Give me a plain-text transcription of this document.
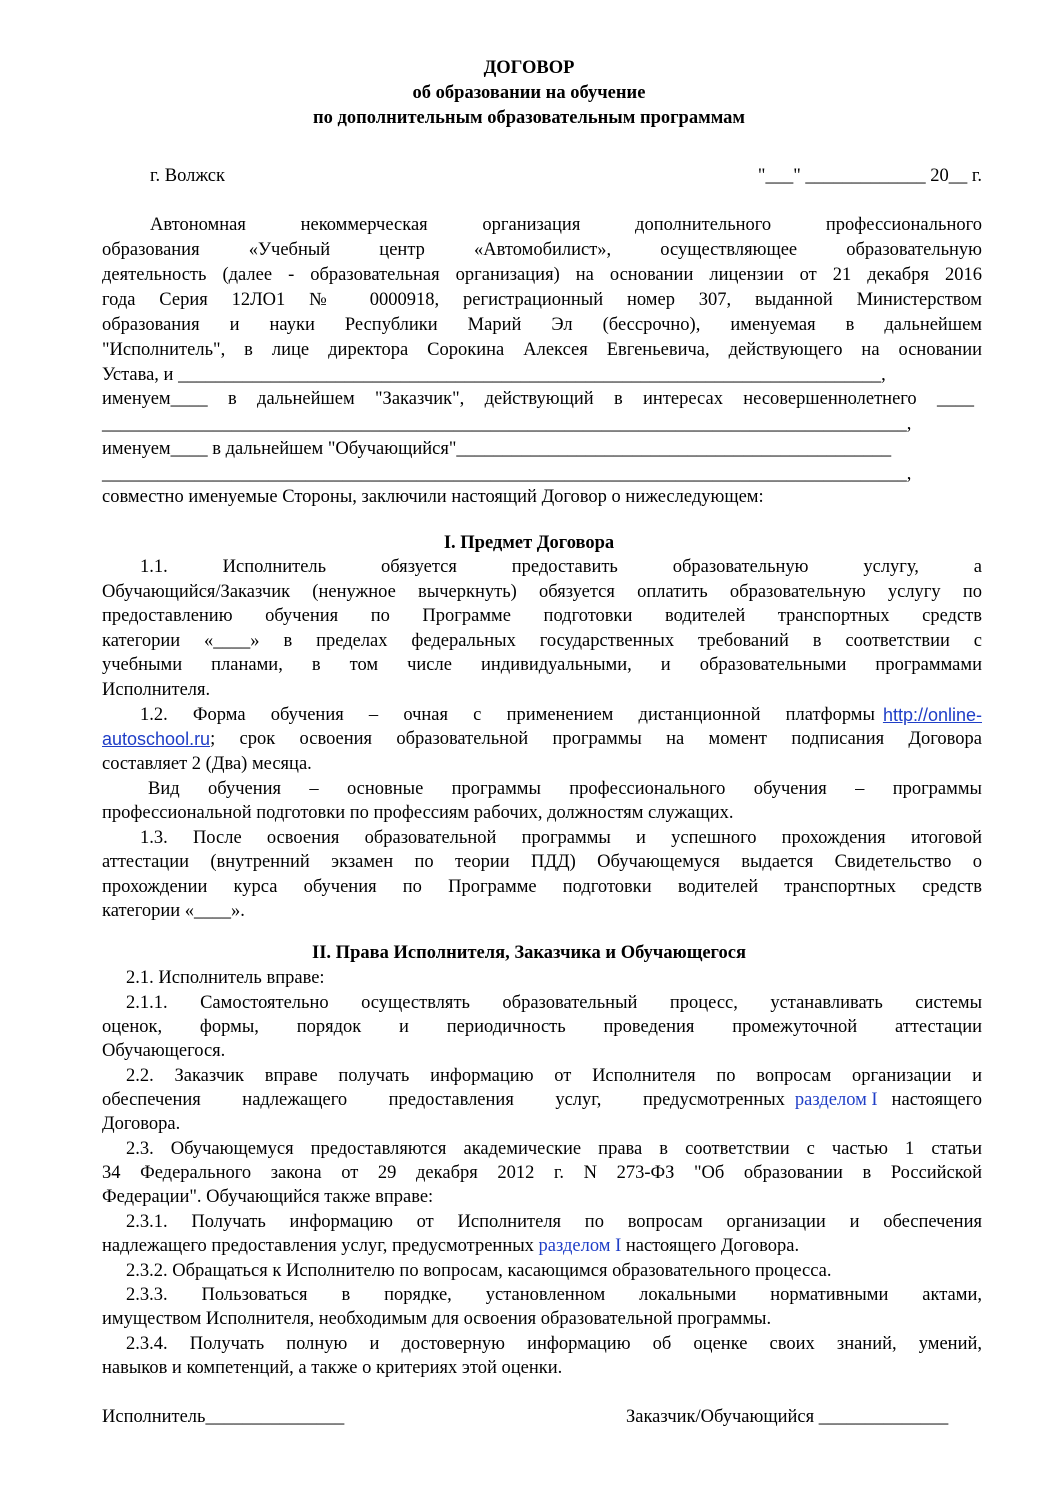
ДОГОВОР
об образовании на обучение
по дополнительным образовательным программам
г. Волжск	"___" _____________ 20__ г.
Автономная некоммерческая организация дополнительного профессионального
образования «Учебный центр «Автомобилист», осуществляющее образовательную
деятельность (далее - образовательная организация) на основании лицензии от 21 декабря 2016
года Серия 12ЛО1 № 0000918, регистрационный номер 307, выданной Министерством
образования и науки Республики Марий Эл (бессрочно), именуемая в дальнейшем
"Исполнитель", в лице директора Сорокина Алексея Евгеньевича, действующего на основании
Устава, и ____________________________________________________________________________,
именуем____ в дальнейшем "Заказчик", действующий в интересах несовершеннолетнего ____
_______________________________________________________________________________________,
именуем____ в дальнейшем "Обучающийся"_______________________________________________
_______________________________________________________________________________________,
совместно именуемые Стороны, заключили настоящий Договор о нижеследующем:
I. Предмет Договора
1.1. Исполнитель обязуется предоставить образовательную услугу, а
Обучающийся/Заказчик (ненужное вычеркнуть) обязуется оплатить образовательную услугу по
предоставлению обучения по Программе подготовки водителей транспортных средств
категории «____» в пределах федеральных государственных требований в соответствии с
учебными планами, в том числе индивидуальными, и образовательными программами
Исполнителя.
1.2. Форма обучения – очная с применением дистанционной платформы http://online-
autoschool.ru ; срок освоения образовательной программы на момент подписания Договора
составляет 2 (Два) месяца.
Вид обучения – основные программы профессионального обучения – программы
профессиональной подготовки по профессиям рабочих, должностям служащих.
1.3. После освоения образовательной программы и успешного прохождения итоговой
аттестации (внутренний экзамен по теории ПДД) Обучающемуся выдается Свидетельство о
прохождении курса обучения по Программе подготовки водителей транспортных средств
категории «____».
II. Права Исполнителя, Заказчика и Обучающегося
2.1. Исполнитель вправе:
2.1.1. Самостоятельно осуществлять образовательный процесс, устанавливать системы
оценок, формы, порядок и периодичность проведения промежуточной аттестации
Обучающегося.
2.2. Заказчик вправе получать информацию от Исполнителя по вопросам организации и
обеспечения надлежащего предоставления услуг, предусмотренных разделом I настоящего
Договора.
2.3. Обучающемуся предоставляются академические права в соответствии с частью 1 статьи
34 Федерального закона от 29 декабря 2012 г. N 273-ФЗ "Об образовании в Российской
Федерации". Обучающийся также вправе:
2.3.1. Получать информацию от Исполнителя по вопросам организации и обеспечения
надлежащего предоставления услуг, предусмотренных разделом I настоящего Договора.
2.3.2. Обращаться к Исполнителю по вопросам, касающимся образовательного процесса.
2.3.3. Пользоваться в порядке, установленном локальными нормативными актами,
имуществом Исполнителя, необходимым для освоения образовательной программы.
2.3.4. Получать полную и достоверную информацию об оценке своих знаний, умений,
навыков и компетенций, а также о критериях этой оценки.
Исполнитель_______________	Заказчик/Обучающийся ______________
